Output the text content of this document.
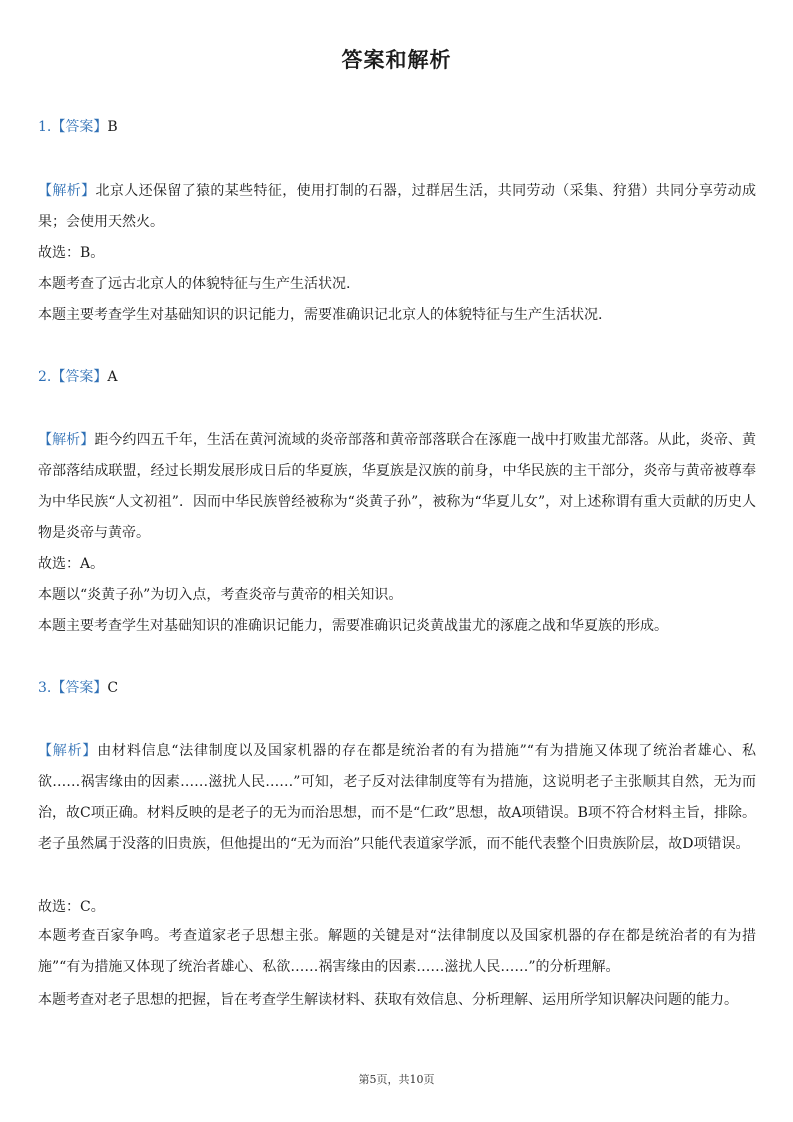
答案和解析
1.【答案】B
【解析】北京人还保留了猿的某些特征，使用打制的石器，过群居生活，共同劳动（采集、狩猎）共同分享劳动成果；会使用天然火。
故选：B。
本题考查了远古北京人的体貌特征与生产生活状况.
本题主要考查学生对基础知识的识记能力，需要准确识记北京人的体貌特征与生产生活状况.
2.【答案】A
【解析】距今约四五千年，生活在黄河流域的炎帝部落和黄帝部落联合在涿鹿一战中打败蚩尤部落。从此，炎帝、黄帝部落结成联盟，经过长期发展形成日后的华夏族，华夏族是汉族的前身，中华民族的主干部分，炎帝与黄帝被尊奉为中华民族“人文初祖”．因而中华民族曾经被称为“炎黄子孙”，被称为“华夏儿女”，对上述称谓有重大贡献的历史人物是炎帝与黄帝。
故选：A。
本题以“炎黄子孙”为切入点，考查炎帝与黄帝的相关知识。
本题主要考查学生对基础知识的准确识记能力，需要准确识记炎黄战蚩尤的涿鹿之战和华夏族的形成。
3.【答案】C
【解析】由材料信息“法律制度以及国家机器的存在都是统治者的有为措施”“有为措施又体现了统治者雄心、私欲……祸害缘由的因素……滋扰人民……”可知，老子反对法律制度等有为措施，这说明老子主张顺其自然，无为而治，故C项正确。材料反映的是老子的无为而治思想，而不是“仁政”思想，故A项错误。B项不符合材料主旨，排除。老子虽然属于没落的旧贵族，但他提出的“无为而治”只能代表道家学派，而不能代表整个旧贵族阶层，故D项错误。
故选：C。
本题考查百家争鸣。考查道家老子思想主张。解题的关键是对“法律制度以及国家机器的存在都是统治者的有为措施”“有为措施又体现了统治者雄心、私欲……祸害缘由的因素……滋扰人民……”的分析理解。
本题考查对老子思想的把握，旨在考查学生解读材料、获取有效信息、分析理解、运用所学知识解决问题的能力。
第5页，共10页
